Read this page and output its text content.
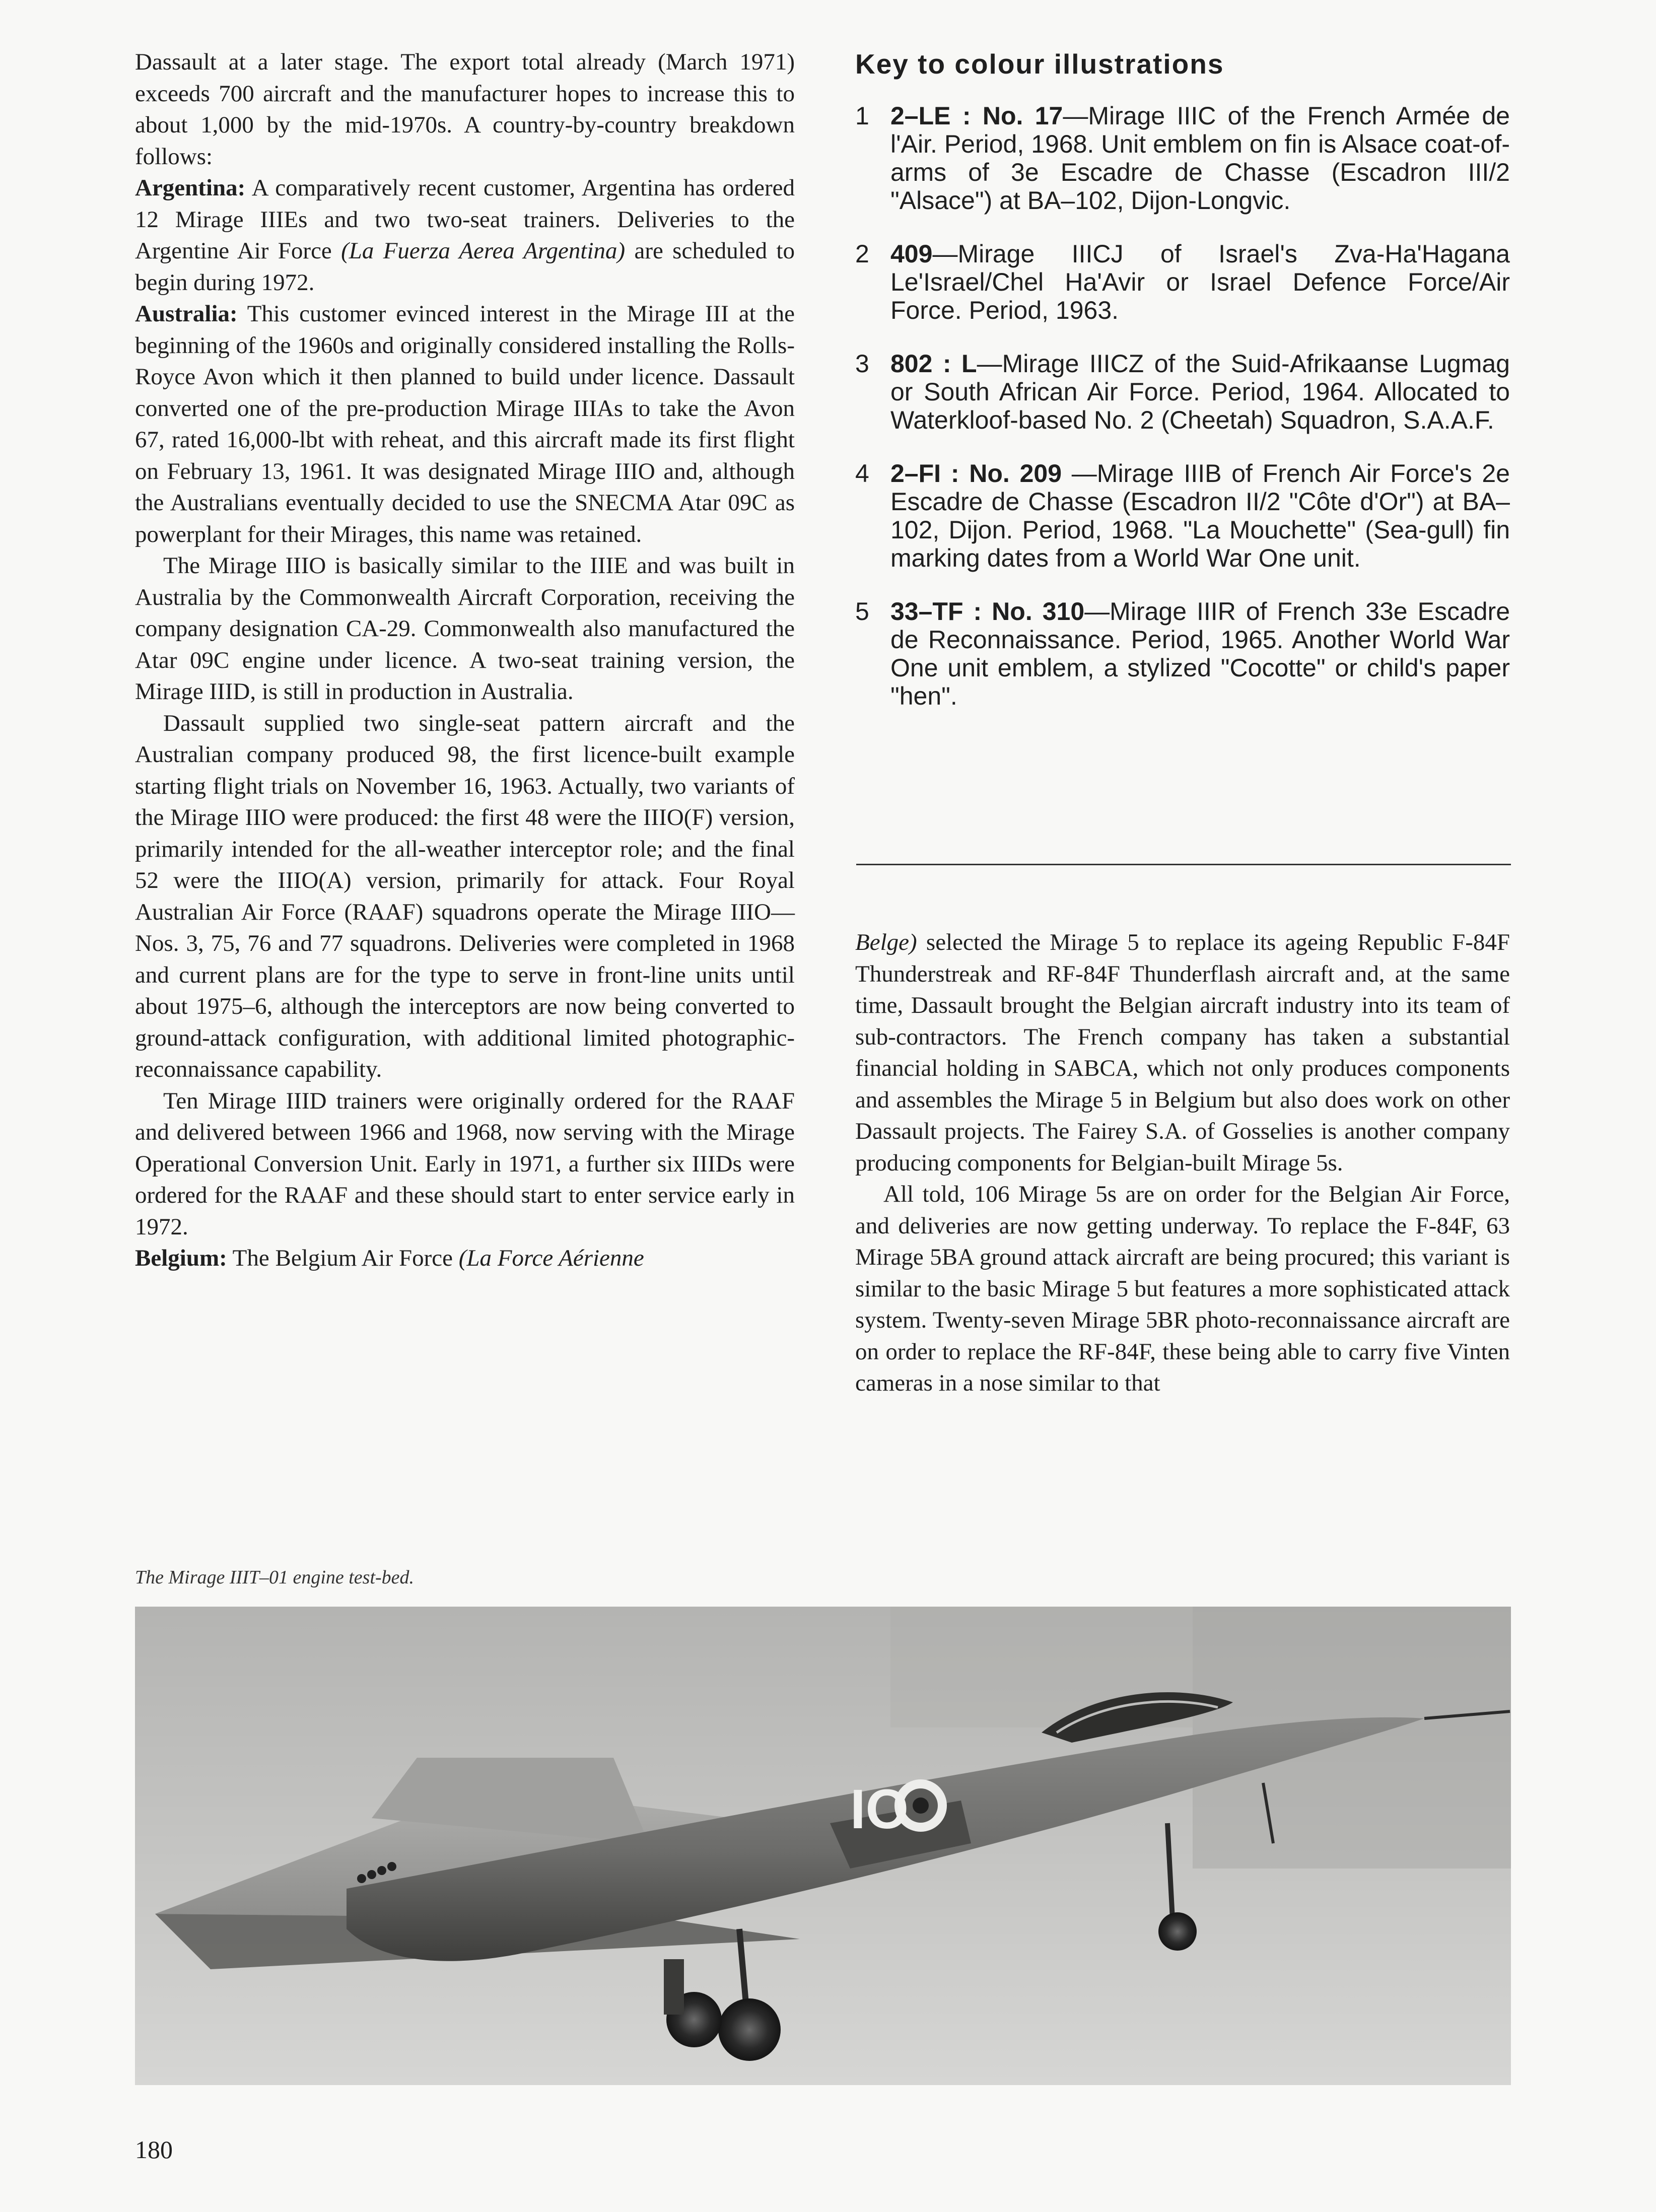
Dassault at a later stage. The export total already (March 1971) exceeds 700 aircraft and the manufacturer hopes to increase this to about 1,000 by the mid-1970s. A country-by-country breakdown follows:

Argentina: A comparatively recent customer, Argentina has ordered 12 Mirage IIIEs and two two-seat trainers. Deliveries to the Argentine Air Force (La Fuerza Aerea Argentina) are scheduled to begin during 1972.

Australia: This customer evinced interest in the Mirage III at the beginning of the 1960s and originally considered installing the Rolls-Royce Avon which it then planned to build under licence. Dassault converted one of the pre-production Mirage IIIAs to take the Avon 67, rated 16,000-lbt with reheat, and this aircraft made its first flight on February 13, 1961. It was designated Mirage IIIO and, although the Australians eventually decided to use the SNECMA Atar 09C as powerplant for their Mirages, this name was retained.

The Mirage IIIO is basically similar to the IIIE and was built in Australia by the Commonwealth Aircraft Corporation, receiving the company designation CA-29. Commonwealth also manufactured the Atar 09C engine under licence. A two-seat training version, the Mirage IIID, is still in production in Australia.

Dassault supplied two single-seat pattern aircraft and the Australian company produced 98, the first licence-built example starting flight trials on November 16, 1963. Actually, two variants of the Mirage IIIO were produced: the first 48 were the IIIO(F) version, primarily intended for the all-weather interceptor role; and the final 52 were the IIIO(A) version, primarily for attack. Four Royal Australian Air Force (RAAF) squadrons operate the Mirage IIIO—Nos. 3, 75, 76 and 77 squadrons. Deliveries were completed in 1968 and current plans are for the type to serve in front-line units until about 1975–6, although the interceptors are now being converted to ground-attack configuration, with additional limited photographic-reconnaissance capability.

Ten Mirage IIID trainers were originally ordered for the RAAF and delivered between 1966 and 1968, now serving with the Mirage Operational Conversion Unit. Early in 1971, a further six IIIDs were ordered for the RAAF and these should start to enter service early in 1972.

Belgium: The Belgium Air Force (La Force Aérienne

Key to colour illustrations
1 2–LE : No. 17—Mirage IIIC of the French Armée de l'Air. Period, 1968. Unit emblem on fin is Alsace coat-of-arms of 3e Escadre de Chasse (Escadron III/2 "Alsace") at BA–102, Dijon-Longvic.
2 409—Mirage IIICJ of Israel's Zva-Ha'Hagana Le'Israel/Chel Ha'Avir or Israel Defence Force/Air Force. Period, 1963.
3 802 : L—Mirage IIICZ of the Suid-Afrikaanse Lugmag or South African Air Force. Period, 1964. Allocated to Waterkloof-based No. 2 (Cheetah) Squadron, S.A.A.F.
4 2–FI : No. 209 —Mirage IIIB of French Air Force's 2e Escadre de Chasse (Escadron II/2 "Côte d'Or") at BA–102, Dijon. Period, 1968. "La Mouchette" (Sea-gull) fin marking dates from a World War One unit.
5 33–TF : No. 310—Mirage IIIR of French 33e Escadre de Reconnaissance. Period, 1965. Another World War One unit emblem, a stylized "Cocotte" or child's paper "hen".

Belge) selected the Mirage 5 to replace its ageing Republic F-84F Thunderstreak and RF-84F Thunderflash aircraft and, at the same time, Dassault brought the Belgian aircraft industry into its team of sub-contractors. The French company has taken a substantial financial holding in SABCA, which not only produces components and assembles the Mirage 5 in Belgium but also does work on other Dassault projects. The Fairey S.A. of Gosselies is another company producing components for Belgian-built Mirage 5s.

All told, 106 Mirage 5s are on order for the Belgian Air Force, and deliveries are now getting underway. To replace the F-84F, 63 Mirage 5BA ground attack aircraft are being procured; this variant is similar to the basic Mirage 5 but features a more sophisticated attack system. Twenty-seven Mirage 5BR photo-reconnaissance aircraft are on order to replace the RF-84F, these being able to carry five Vinten cameras in a nose similar to that

The Mirage IIIT–01 engine test-bed.
IO
180
